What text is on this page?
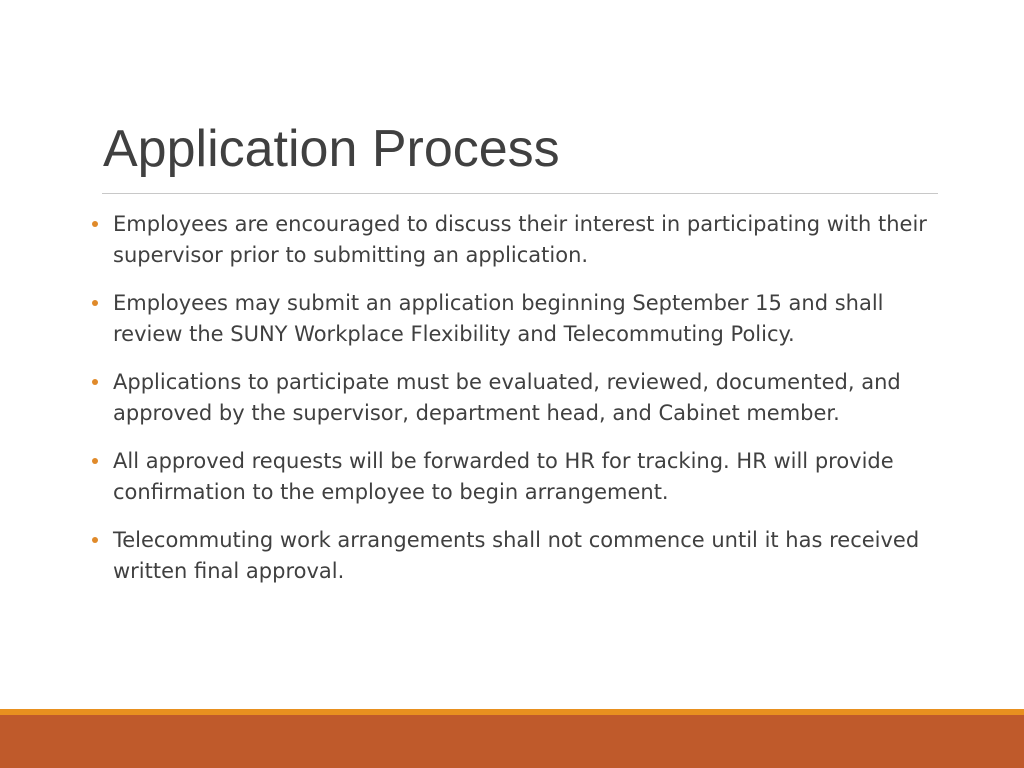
Application Process
Employees are encouraged to discuss their interest in participating with their supervisor prior to submitting an application.
Employees may submit an application beginning September 15 and shall review the SUNY Workplace Flexibility and Telecommuting Policy.
Applications to participate must be evaluated, reviewed, documented, and approved by the supervisor, department head, and Cabinet member.
All approved requests will be forwarded to HR for tracking. HR will provide confirmation to the employee to begin arrangement.
Telecommuting work arrangements shall not commence until it has received written final approval.
